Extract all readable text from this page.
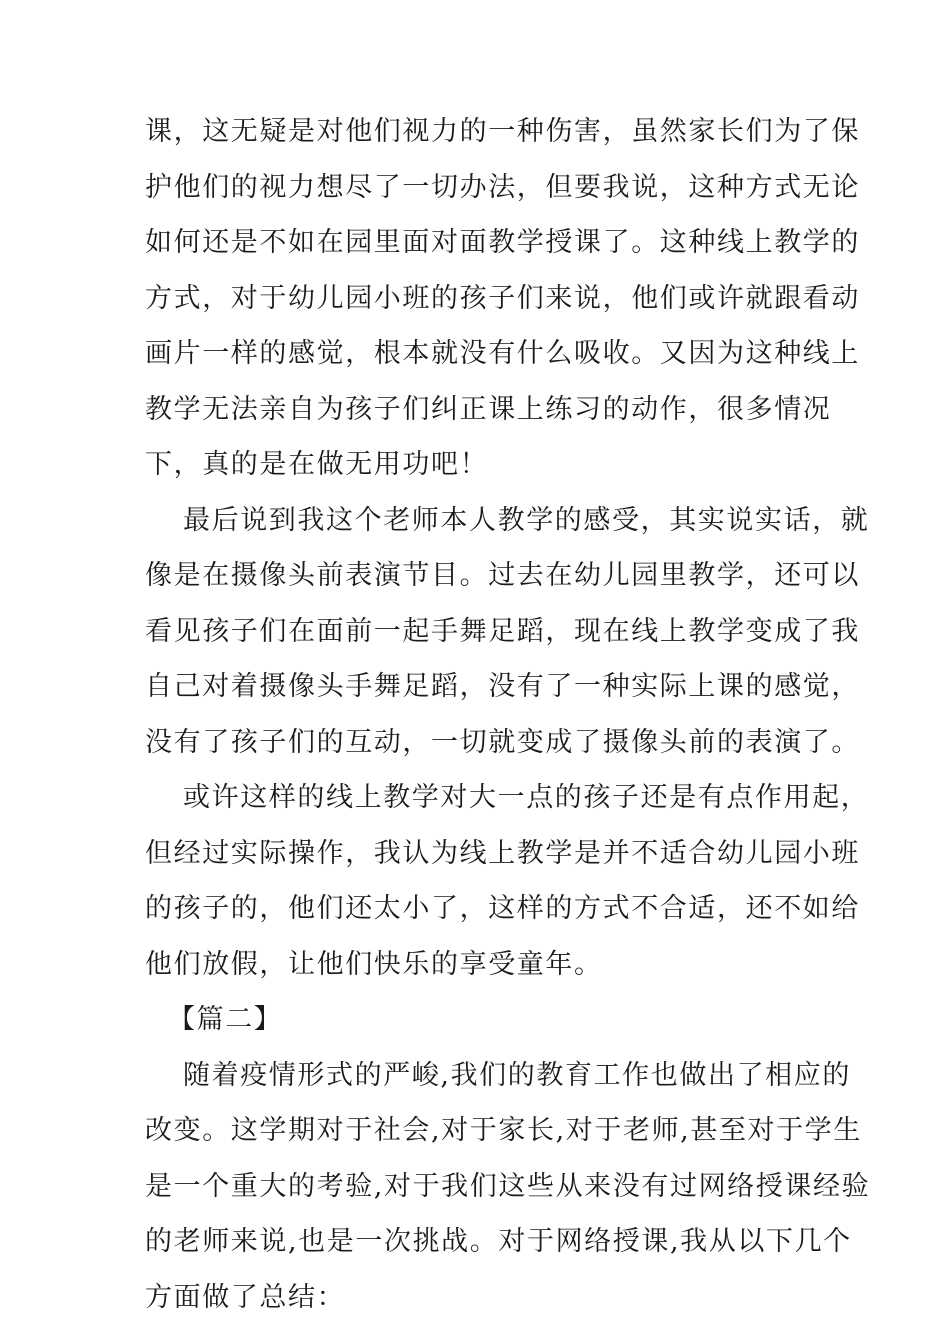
课，这无疑是对他们视力的一种伤害，虽然家长们为了保
护他们的视力想尽了一切办法，但要我说，这种方式无论
如何还是不如在园里面对面教学授课了。这种线上教学的
方式，对于幼儿园小班的孩子们来说，他们或许就跟看动
画片一样的感觉，根本就没有什么吸收。又因为这种线上
教学无法亲自为孩子们纠正课上练习的动作，很多情况
下，真的是在做无用功吧！
最后说到我这个老师本人教学的感受，其实说实话，就
像是在摄像头前表演节目。过去在幼儿园里教学，还可以
看见孩子们在面前一起手舞足蹈，现在线上教学变成了我
自己对着摄像头手舞足蹈，没有了一种实际上课的感觉，
没有了孩子们的互动，一切就变成了摄像头前的表演了。
或许这样的线上教学对大一点的孩子还是有点作用起，
但经过实际操作，我认为线上教学是并不适合幼儿园小班
的孩子的，他们还太小了，这样的方式不合适，还不如给
他们放假，让他们快乐的享受童年。
【篇二】
随着疫情形式的严峻,我们的教育工作也做出了相应的
改变。这学期对于社会,对于家长,对于老师,甚至对于学生
是一个重大的考验,对于我们这些从来没有过网络授课经验
的老师来说,也是一次挑战。对于网络授课,我从以下几个
方面做了总结：
